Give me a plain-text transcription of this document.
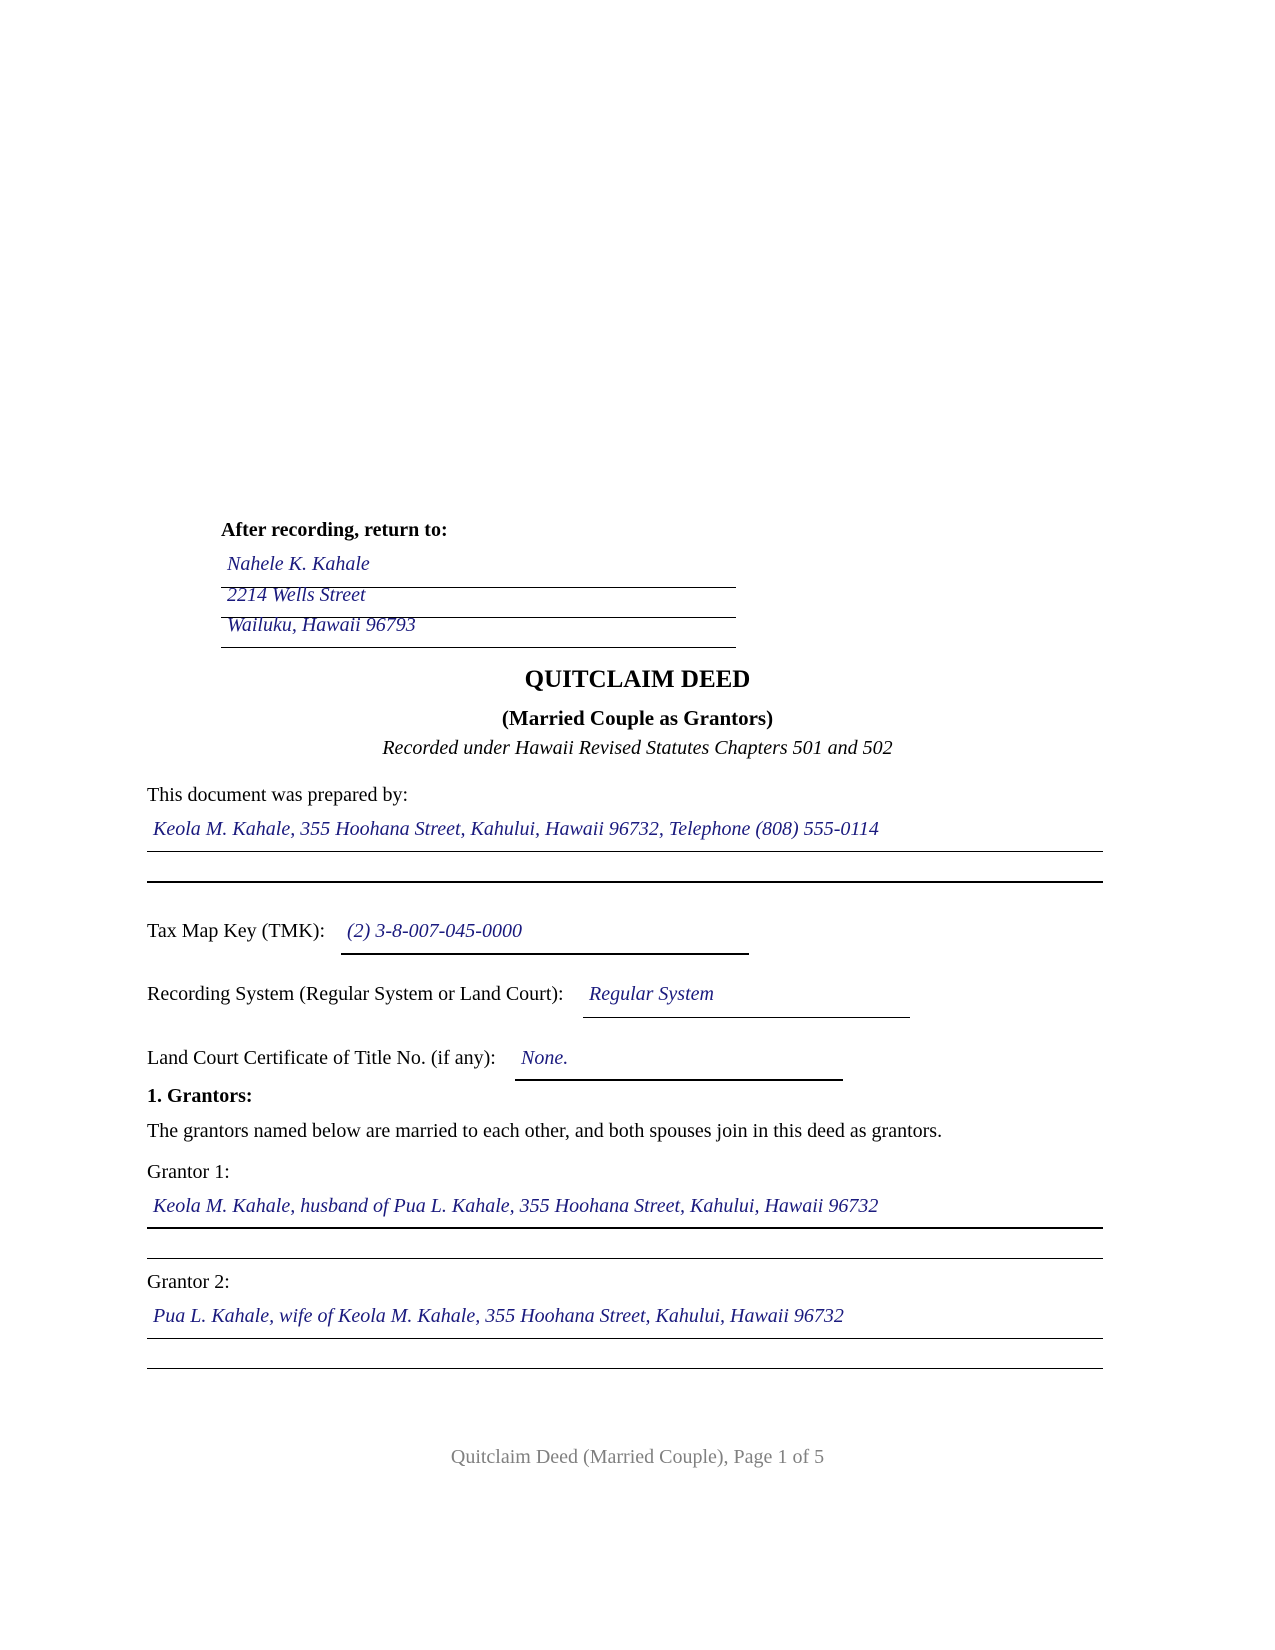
After recording, return to:
Nahele K. Kahale
2214 Wells Street
Wailuku, Hawaii 96793
QUITCLAIM DEED
(Married Couple as Grantors)
Recorded under Hawaii Revised Statutes Chapters 501 and 502
This document was prepared by:
Keola M. Kahale, 355 Hoohana Street, Kahului, Hawaii 96732, Telephone (808) 555-0114
Tax Map Key (TMK): (2) 3-8-007-045-0000
Recording System (Regular System or Land Court): Regular System
Land Court Certificate of Title No. (if any): None.
1. Grantors:
The grantors named below are married to each other, and both spouses join in this deed as grantors.
Grantor 1:
Keola M. Kahale, husband of Pua L. Kahale, 355 Hoohana Street, Kahului, Hawaii 96732
Grantor 2:
Pua L. Kahale, wife of Keola M. Kahale, 355 Hoohana Street, Kahului, Hawaii 96732
Quitclaim Deed (Married Couple), Page 1 of 5
